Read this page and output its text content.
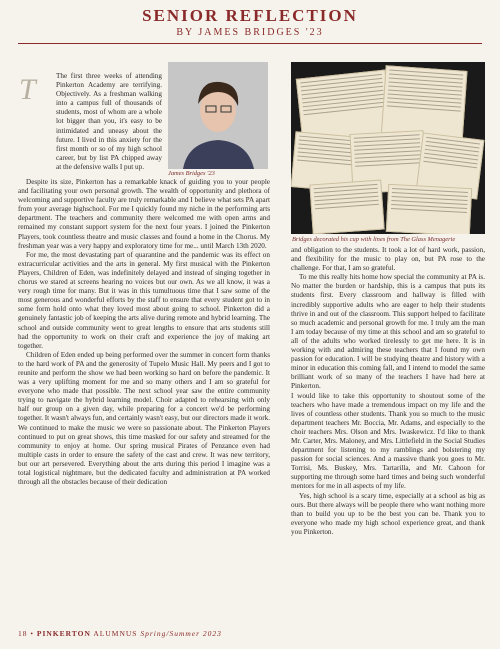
SENIOR REFLECTION
BY JAMES BRIDGES '23
T	The first three weeks of attending Pinkerton Academy are terrifying. Objectively. As a freshman walking into a campus full of thousands of students, most of whom are a whole lot bigger than you, it's easy to be intimidated and uneasy about the future. I lived in this anxiety for the first month or so of my high school career, but by list PA chipped away at the defensive walls I put up.

James Bridges '23
Bridges decorated his cup with lines from The Glass Menagerie

Despite its size, Pinkerton has a remarkable knack of guiding you to your people and facilitating your own personal growth. The wealth of opportunity and plethora of welcoming and supportive faculty are truly remarkable and I believe what sets PA apart from your average highschool. For me I quickly found my niche in the performing arts department. The teachers and community there welcomed me with open arms and remained my constant support system for the next four years. I joined the Pinkerton Players, took countless theatre and music classes and found a home in the Chorus. My freshman year was a very happy and exploratory time for me... until March 13th 2020.

For me, the most devastating part of quarantine and the pandemic was its effect on extracurricular activities and the arts in general. My first musical with the Pinkerton Players, Children of Eden, was indefinitely delayed and instead of singing together in chorus we stared at screens hearing no voices but our own. As we all know, it was a very rough time for many. But it was in this tumultuous time that I saw some of the most generous and wonderful efforts by the staff to ensure that every student got to in some form hold onto what they loved most about going to school. Pinkerton did a genuinely fantastic job of keeping the arts alive during remote and hybrid learning. The school and outside community went to great lengths to ensure that arts students still had the opportunity to work on their craft and experience the joy of making art together.

Children of Eden ended up being performed over the summer in concert form thanks to the hard work of PA and the generosity of Tupelo Music Hall. My peers and I got to reunite and perform the show we had been working so hard on before the pandemic. It was a very uplifting moment for me and so many others and I am so grateful for everyone who made that possible. The next school year saw the entire community trying to navigate the hybrid learning model. Choir adapted to rehearsing with only half our group on a given day, while preparing for a concert we'd be performing together. It wasn't always fun, and certainly wasn't easy, but our directors made it work. We continued to make the music we were so passionate about. The Pinkerton Players continued to put on great shows, this time masked for our safety and streamed for the community to enjoy at home. Our spring musical Pirates of Penzance even had multiple casts in order to ensure the safety of the cast and crew. It was new territory, but our art persevered. Everything about the arts during this period I imagine was a total logistical nightmare, but the dedicated faculty and administration at PA worked through all the obstacles because of their dedication

and obligation to the students. It took a lot of hard work, passion, and flexibility for the music to play on, but PA rose to the challenge. For that, I am so grateful.

To me this really hits home how special the community at PA is. No matter the burden or hardship, this is a campus that puts its students first. Every classroom and hallway is filled with incredibly supportive adults who are eager to help their students thrive in and out of the classroom. This support helped to facilitate so much academic and personal growth for me. I truly am the man I am today because of my time at this school and am so grateful to all of the adults who worked tirelessly to get me here. It is in working with and admiring these teachers that I found my own passion for education. I will be studying theatre and history with a minor in education this coming fall, and I intend to model the same brilliant work of so many of the teachers I have had here at Pinkerton.

I would like to take this opportunity to shoutout some of the teachers who have made a tremendous impact on my life and the lives of countless other students. Thank you so much to the music department teachers Mr. Boccia, Mr. Adams, and especially to the choir teachers Mrs. Olson and Mrs. Iwaskewicz. I'd like to thank Mr. Carter, Mrs. Maloney, and Mrs. Littlefield in the Social Studies department for listening to my ramblings and bolstering my passion for social sciences. And a massive thank you goes to Mr. Torrisi, Ms. Buskey, Mrs. Tartarilla, and Mr. Cahoon for supporting me through some hard times and being such wonderful mentors for me in all aspects of my life.

Yes, high school is a scary time, especially at a school as big as ours. But there always will be people there who want nothing more than to build you up to be the best you can be. Thank you to everyone who made my high school experience great, and thank you Pinkerton.

18 • PINKERTON ALUMNUS Spring/Summer 2023
